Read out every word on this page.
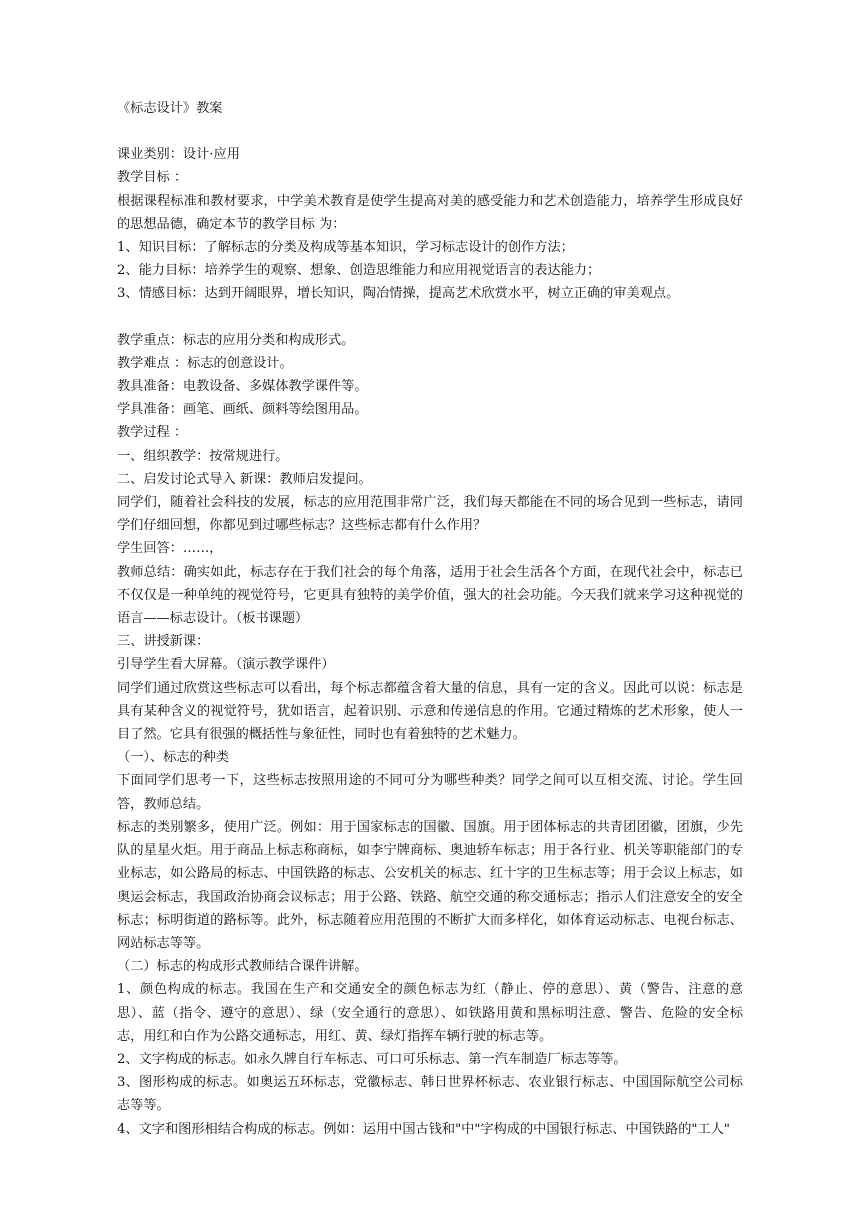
《标志设计》教案
课业类别：设计·应用
教学目标 ：
根据课程标准和教材要求，中学美术教育是使学生提高对美的感受能力和艺术创造能力，培养学生形成良好的思想品德，确定本节的教学目标 为：
1、知识目标：了解标志的分类及构成等基本知识，学习标志设计的创作方法；
2、能力目标：培养学生的观察、想象、创造思维能力和应用视觉语言的表达能力；
3、情感目标：达到开阔眼界，增长知识，陶冶情操，提高艺术欣赏水平，树立正确的审美观点。
教学重点：标志的应用分类和构成形式。
教学难点 ：标志的创意设计。
教具准备：电教设备、多媒体教学课件等。
学具准备：画笔、画纸、颜料等绘图用品。
教学过程 ：
一、组织教学：按常规进行。
二、启发讨论式导入 新课：教师启发提问。
同学们，随着社会科技的发展，标志的应用范围非常广泛，我们每天都能在不同的场合见到一些标志，请同学们仔细回想，你都见到过哪些标志？这些标志都有什么作用？
学生回答：……，
教师总结：确实如此，标志存在于我们社会的每个角落，适用于社会生活各个方面，在现代社会中，标志已不仅仅是一种单纯的视觉符号，它更具有独特的美学价值，强大的社会功能。今天我们就来学习这种视觉的语言——标志设计。（板书课题）
三、讲授新课：
引导学生看大屏幕。（演示教学课件）
同学们通过欣赏这些标志可以看出，每个标志都蕴含着大量的信息，具有一定的含义。因此可以说：标志是具有某种含义的视觉符号，犹如语言，起着识别、示意和传递信息的作用。它通过精炼的艺术形象，使人一目了然。它具有很强的概括性与象征性，同时也有着独特的艺术魅力。
（一）、标志的种类
下面同学们思考一下，这些标志按照用途的不同可分为哪些种类？同学之间可以互相交流、讨论。学生回答，教师总结。
标志的类别繁多，使用广泛。例如：用于国家标志的国徽、国旗。用于团体标志的共青团团徽，团旗，少先队的星星火炬。用于商品上标志称商标，如李宁牌商标、奥迪轿车标志；用于各行业、机关等职能部门的专业标志，如公路局的标志、中国铁路的标志、公安机关的标志、红十字的卫生标志等；用于会议上标志，如奥运会标志，我国政治协商会议标志；用于公路、铁路、航空交通的称交通标志；指示人们注意安全的安全标志；标明街道的路标等。此外，标志随着应用范围的不断扩大而多样化，如体育运动标志、电视台标志、网站标志等等。
（二）标志的构成形式教师结合课件讲解。
1、颜色构成的标志。我国在生产和交通安全的颜色标志为红（静止、停的意思）、黄（警告、注意的意思）、蓝（指令、遵守的意思）、绿（安全通行的意思）、如铁路用黄和黑标明注意、警告、危险的安全标志，用红和白作为公路交通标志，用红、黄、绿灯指挥车辆行驶的标志等。
2、文字构成的标志。如永久牌自行车标志、可口可乐标志、第一汽车制造厂标志等等。
3、图形构成的标志。如奥运五环标志，党徽标志、韩日世界杯标志、农业银行标志、中国国际航空公司标志等等。
4、文字和图形相结合构成的标志。例如：运用中国古钱和"中"字构成的中国银行标志、中国铁路的"工人"
